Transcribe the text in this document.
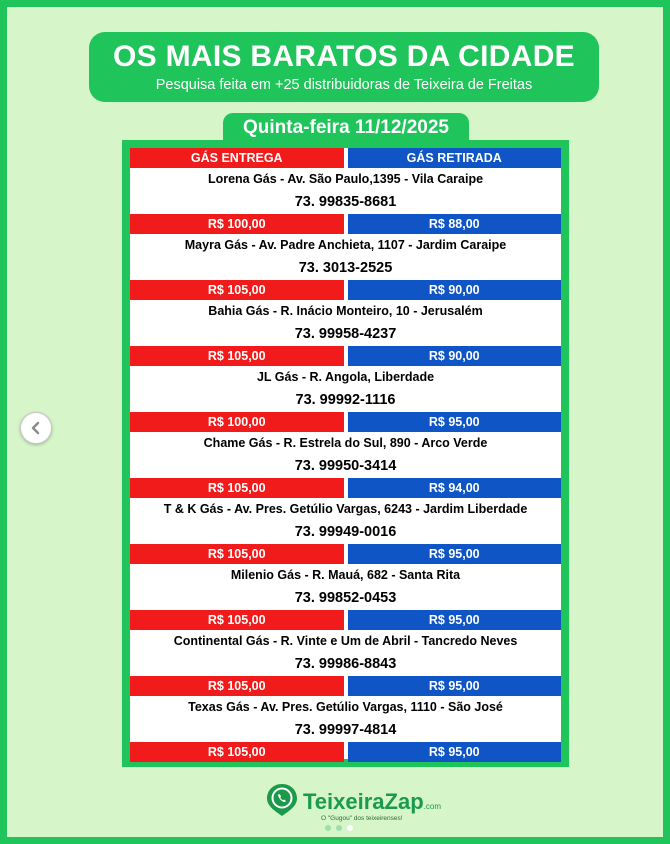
OS MAIS BARATOS DA CIDADE
Pesquisa feita em +25 distribuidoras de Teixeira de Freitas
Quinta-feira 11/12/2025
GÁS ENTREGA	GÁS RETIRADA
Lorena Gás - Av. São Paulo,1395 - Vila Caraipe
73. 99835-8681
R$ 100,00	R$ 88,00
Mayra Gás - Av. Padre Anchieta, 1107 - Jardim Caraipe
73. 3013-2525
R$ 105,00	R$ 90,00
Bahia Gás - R. Inácio Monteiro, 10 - Jerusalém
73. 99958-4237
R$ 105,00	R$ 90,00
JL Gás - R. Angola, Liberdade
73. 99992-1116
R$ 100,00	R$ 95,00
Chame Gás - R. Estrela do Sul, 890 - Arco Verde
73. 99950-3414
R$ 105,00	R$ 94,00
T & K Gás - Av. Pres. Getúlio Vargas, 6243 - Jardim Liberdade
73. 99949-0016
R$ 105,00	R$ 95,00
Milenio Gás - R. Mauá, 682 - Santa Rita
73. 99852-0453
R$ 105,00	R$ 95,00
Continental Gás - R. Vinte e Um de Abril - Tancredo Neves
73. 99986-8843
R$ 105,00	R$ 95,00
Texas Gás - Av. Pres. Getúlio Vargas, 1110 - São José
73. 99997-4814
R$ 105,00	R$ 95,00
TeixeiraZap.com
O "Gugou" dos teixeirenses!
